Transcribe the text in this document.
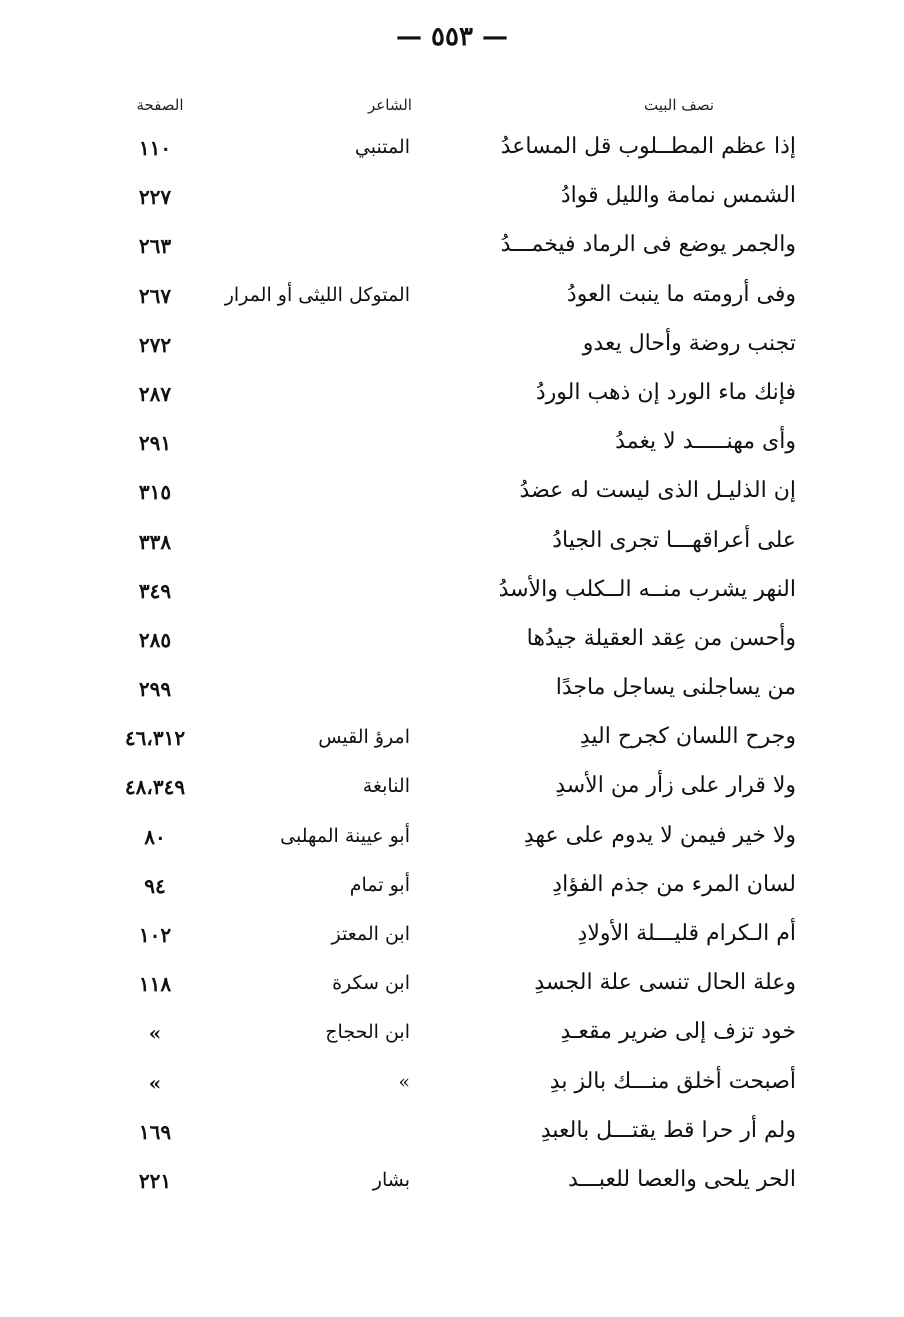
— ٥٥٣ —
نصف البيت
الشاعر
الصفحة
إذا عظم المطــلوب قل المساعدُ
المتنبي
١١٠
الشمس نمامة والليل قوادُ
٢٢٧
والجمر يوضع فى الرماد فيخمـــدُ
٢٦٣
وفى أرومته ما ينبت العودُ
المتوكل الليثى أو المرار
٢٦٧
تجنب روضة وأحال يعدو
٢٧٢
فإنك ماء الورد إن ذهب الوردُ
٢٨٧
وأى مهنـــــد لا يغمدُ
٢٩١
إن الذليـل الذى ليست له عضدُ
٣١٥
على أعراقهـــا تجرى الجيادُ
٣٣٨
النهر يشرب منــه الــكلب والأسدُ
٣٤٩
وأحسن من عِقد العقيلة جيدُها
٢٨٥
من يساجلنى يساجل ماجدًا
٢٩٩
وجرح اللسان كجرح اليدِ
امرؤ القيس
٤٦،٣١٢
ولا قرار على زأر من الأسدِ
النابغة
٤٨،٣٤٩
ولا خير فيمن لا يدوم على عهدِ
أبو عيينة المهلبى
٨٠
لسان المرء من جذم الفؤادِ
أبو تمام
٩٤
أم الـكرام قليـــلة الأولادِ
ابن المعتز
١٠٢
وعلة الحال تنسى علة الجسدِ
ابن سكرة
١١٨
خود تزف إلى ضرير مقعـدِ
ابن الحجاج
»
أصبحت أخلق منـــك بالز بدِ
»
»
ولم أر حرا قط يقتـــل بالعبدِ
١٦٩
الحر يلحى والعصا للعبـــد
بشار
٢٢١
